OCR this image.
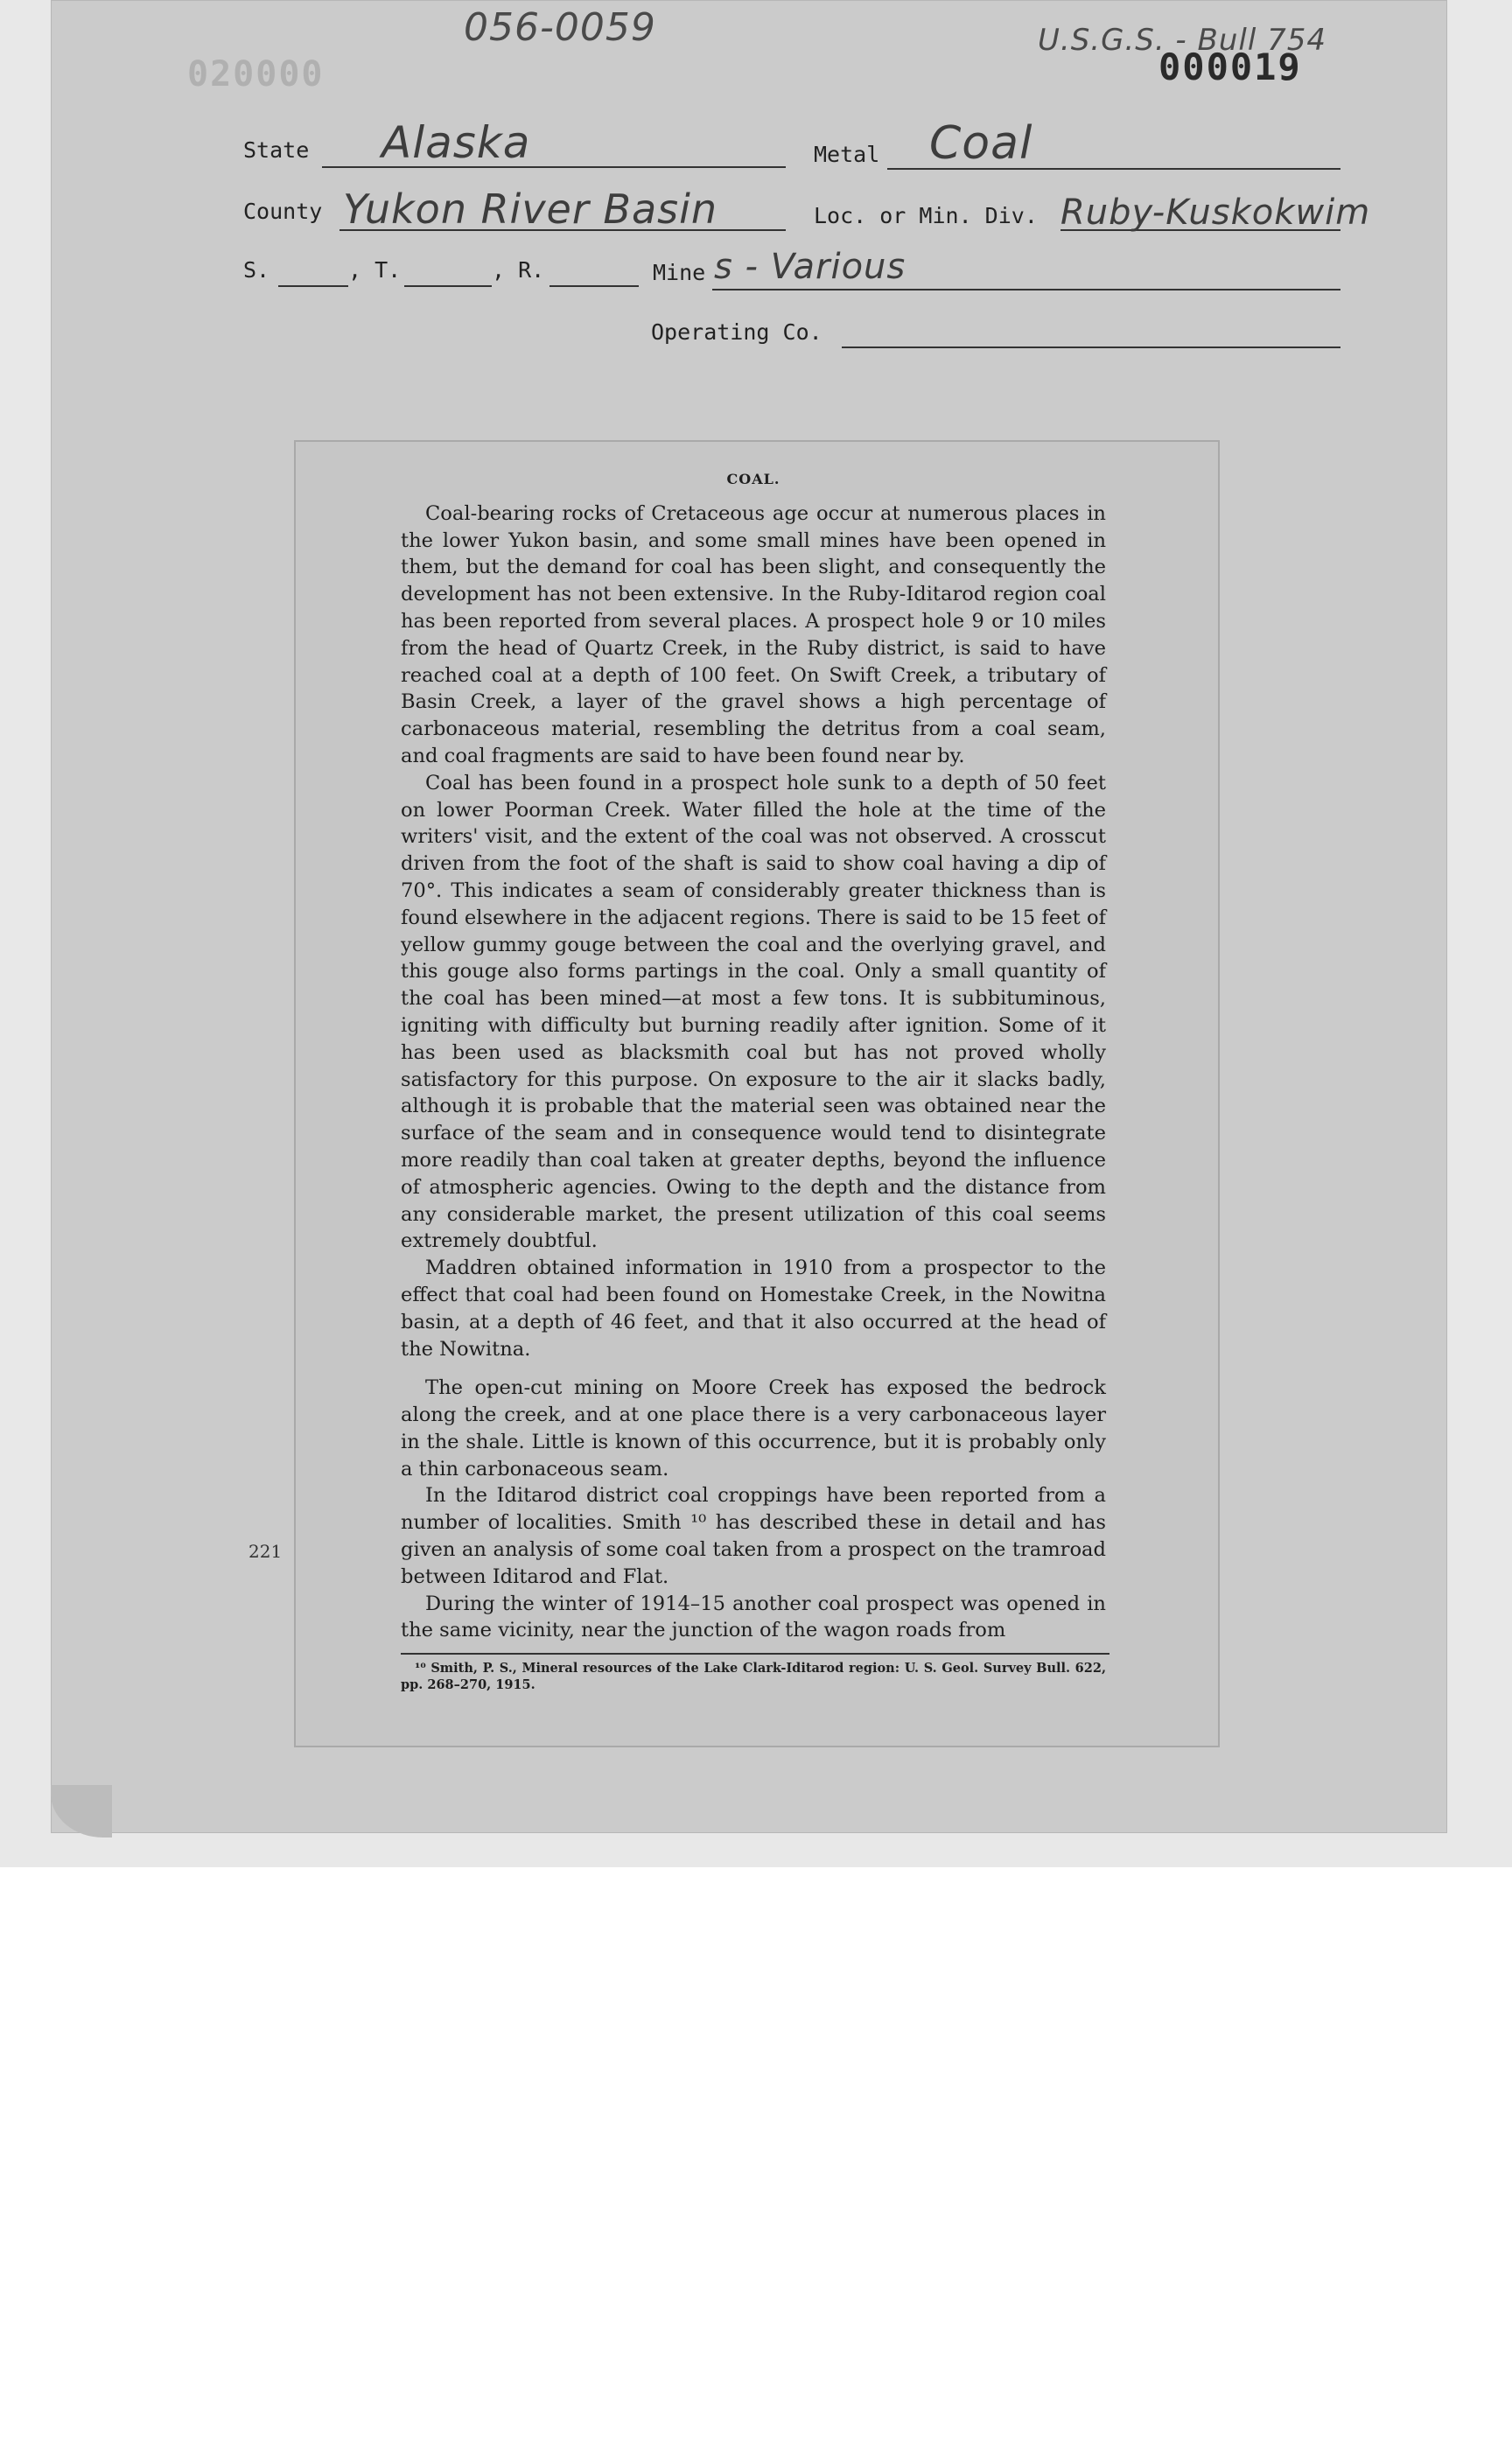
056-0059	U.S.G.S. - Bull 754
020000	000019
State Alaska	Metal Coal
County Yukon River Basin	Loc. or Min. Div. Ruby-Kuskokwim
S.	, T.	, R.	Mine s - Various
Operating Co.
COAL.

Coal-bearing rocks of Cretaceous age occur at numerous places in the lower Yukon basin, and some small mines have been opened in them, but the demand for coal has been slight, and consequently the development has not been extensive. In the Ruby-Iditarod region coal has been reported from several places. A prospect hole 9 or 10 miles from the head of Quartz Creek, in the Ruby district, is said to have reached coal at a depth of 100 feet. On Swift Creek, a tributary of Basin Creek, a layer of the gravel shows a high percentage of carbonaceous material, resembling the detritus from a coal seam, and coal fragments are said to have been found near by.

Coal has been found in a prospect hole sunk to a depth of 50 feet on lower Poorman Creek. Water filled the hole at the time of the writers' visit, and the extent of the coal was not observed. A crosscut driven from the foot of the shaft is said to show coal having a dip of 70°. This indicates a seam of considerably greater thickness than is found elsewhere in the adjacent regions. There is said to be 15 feet of yellow gummy gouge between the coal and the overlying gravel, and this gouge also forms partings in the coal. Only a small quantity of the coal has been mined—at most a few tons. It is subbituminous, igniting with difficulty but burning readily after ignition. Some of it has been used as blacksmith coal but has not proved wholly satisfactory for this purpose. On exposure to the air it slacks badly, although it is probable that the material seen was obtained near the surface of the seam and in consequence would tend to disintegrate more readily than coal taken at greater depths, beyond the influence of atmospheric agencies. Owing to the depth and the distance from any considerable market, the present utilization of this coal seems extremely doubtful.

Maddren obtained information in 1910 from a prospector to the effect that coal had been found on Homestake Creek, in the Nowitna basin, at a depth of 46 feet, and that it also occurred at the head of the Nowitna.

The open-cut mining on Moore Creek has exposed the bedrock along the creek, and at one place there is a very carbonaceous layer in the shale. Little is known of this occurrence, but it is probably only a thin carbonaceous seam.

In the Iditarod district coal croppings have been reported from a number of localities. Smith ¹⁰ has described these in detail and has given an analysis of some coal taken from a prospect on the tramroad between Iditarod and Flat.

During the winter of 1914–15 another coal prospect was opened in the same vicinity, near the junction of the wagon roads from

¹⁰ Smith, P. S., Mineral resources of the Lake Clark-Iditarod region: U. S. Geol. Survey Bull. 622, pp. 268–270, 1915.
221
